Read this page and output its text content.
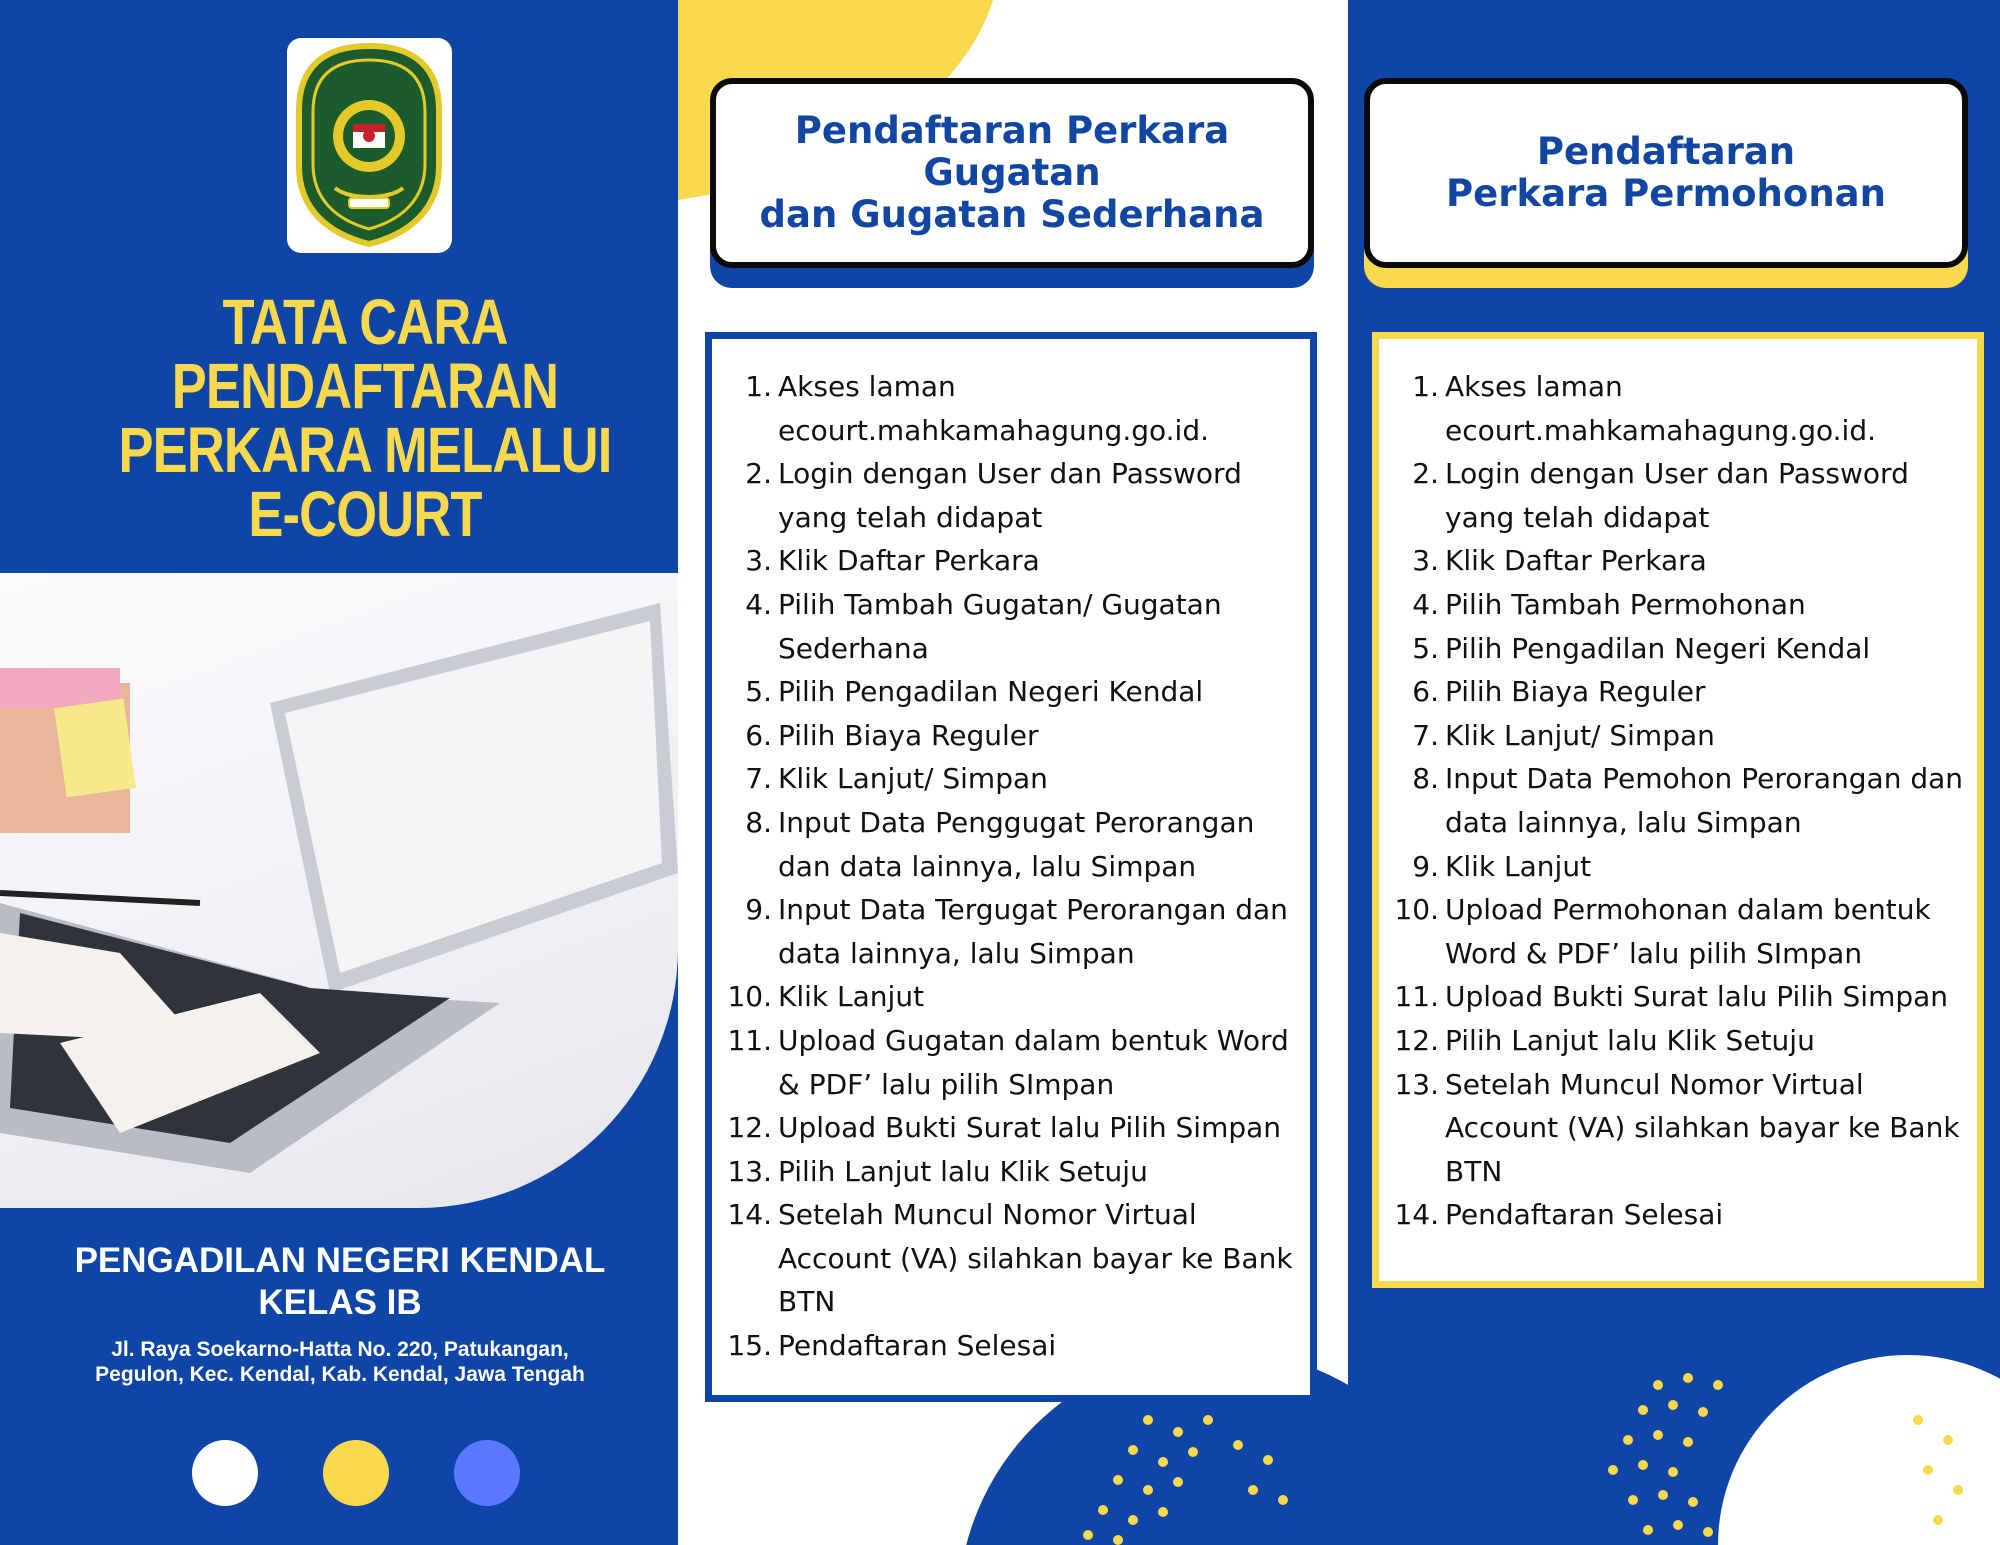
TATA CARA
PENDAFTARAN
PERKARA MELALUI
E-COURT
PENGADILAN NEGERI KENDAL
KELAS IB
Jl. Raya Soekarno-Hatta No. 220, Patukangan,
Pegulon, Kec. Kendal, Kab. Kendal, Jawa Tengah
Pendaftaran Perkara Gugatan
dan Gugatan Sederhana
1. Akses laman
ecourt.mahkamahagung.go.id.
2. Login dengan User dan Password
yang telah didapat
3. Klik Daftar Perkara
4. Pilih Tambah Gugatan/ Gugatan
Sederhana
5. Pilih Pengadilan Negeri Kendal
6. Pilih Biaya Reguler
7. Klik Lanjut/ Simpan
8. Input Data Penggugat Perorangan
dan data lainnya, lalu Simpan
9. Input Data Tergugat Perorangan dan
data lainnya, lalu Simpan
10. Klik Lanjut
11. Upload Gugatan dalam bentuk Word
& PDF’ lalu pilih SImpan
12. Upload Bukti Surat lalu Pilih Simpan
13. Pilih Lanjut lalu Klik Setuju
14. Setelah Muncul Nomor Virtual
Account (VA) silahkan bayar ke Bank
BTN
15. Pendaftaran Selesai
Pendaftaran
Perkara Permohonan
1. Akses laman
ecourt.mahkamahagung.go.id.
2. Login dengan User dan Password
yang telah didapat
3. Klik Daftar Perkara
4. Pilih Tambah Permohonan
5. Pilih Pengadilan Negeri Kendal
6. Pilih Biaya Reguler
7. Klik Lanjut/ Simpan
8. Input Data Pemohon Perorangan dan
data lainnya, lalu Simpan
9. Klik Lanjut
10. Upload Permohonan dalam bentuk
Word & PDF’ lalu pilih SImpan
11. Upload Bukti Surat lalu Pilih Simpan
12. Pilih Lanjut lalu Klik Setuju
13. Setelah Muncul Nomor Virtual
Account (VA) silahkan bayar ke Bank
BTN
14. Pendaftaran Selesai
